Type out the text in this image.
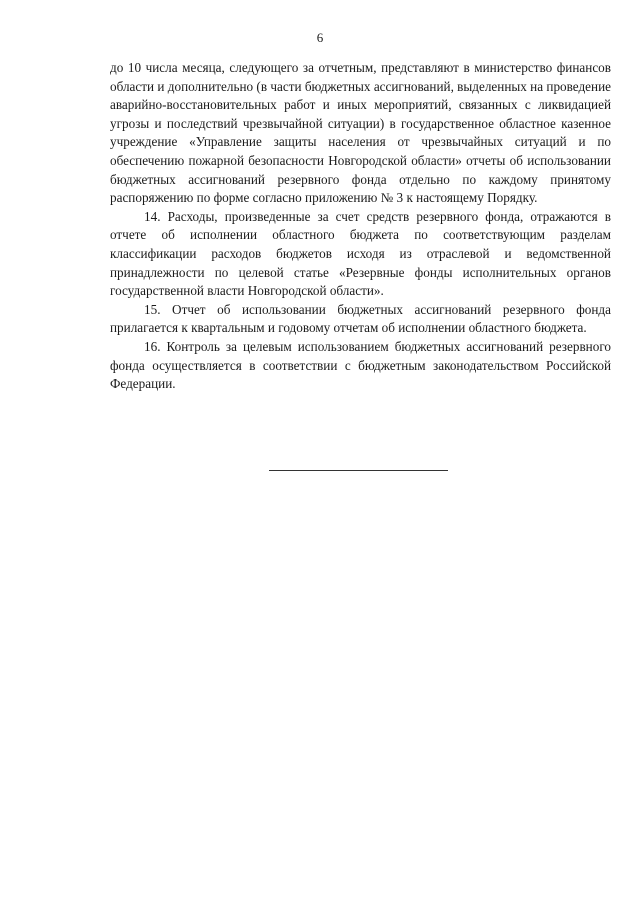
6

до 10 числа месяца, следующего за отчетным, представляют в министерство финансов области и дополнительно (в части бюджетных ассигнований, выделенных на проведение аварийно-восстановительных работ и иных мероприятий, связанных с ликвидацией угрозы и последствий чрезвычайной ситуации) в государственное областное казенное учреждение «Управление защиты населения от чрезвычайных ситуаций и по обеспечению пожарной безопасности Новгородской области» отчеты об использовании бюджетных ассигнований резервного фонда отдельно по каждому принятому распоряжению по форме согласно приложению № 3 к настоящему Порядку.

14. Расходы, произведенные за счет средств резервного фонда, отражаются в отчете об исполнении областного бюджета по соответствующим разделам классификации расходов бюджетов исходя из отраслевой и ведомственной принадлежности по целевой статье «Резервные фонды исполнительных органов государственной власти Новгородской области».

15. Отчет об использовании бюджетных ассигнований резервного фонда прилагается к квартальным и годовому отчетам об исполнении областного бюджета.

16. Контроль за целевым использованием бюджетных ассигнований резервного фонда осуществляется в соответствии с бюджетным законодательством Российской Федерации.
